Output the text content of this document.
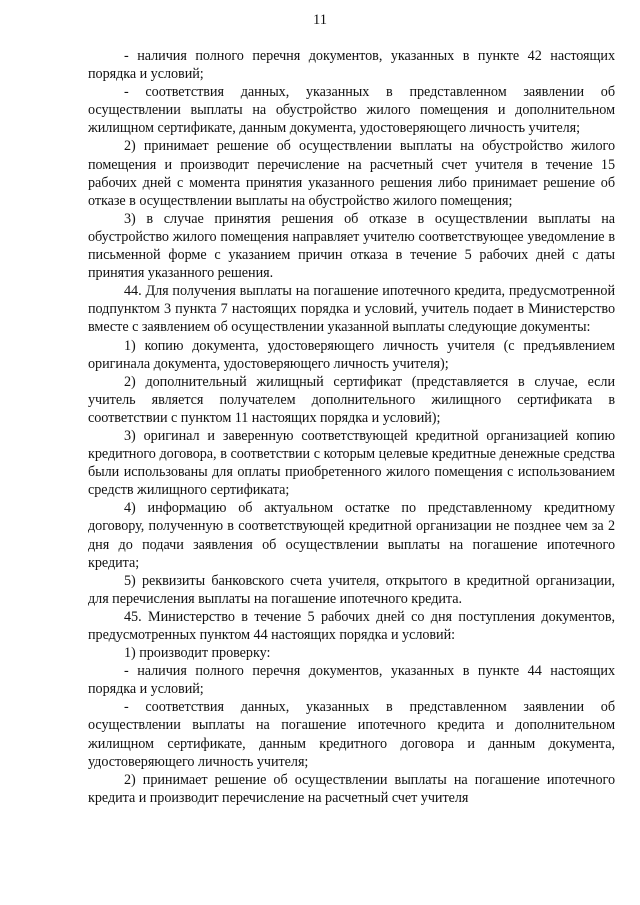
11

- наличия полного перечня документов, указанных в пункте 42 настоящих порядка и условий;

- соответствия данных, указанных в представленном заявлении об осуществлении выплаты на обустройство жилого помещения и дополнительном жилищном сертификате, данным документа, удостоверяющего личность учителя;

2) принимает решение об осуществлении выплаты на обустройство жилого помещения и производит перечисление на расчетный счет учителя в течение 15 рабочих дней с момента принятия указанного решения либо принимает решение об отказе в осуществлении выплаты на обустройство жилого помещения;

3) в случае принятия решения об отказе в осуществлении выплаты на обустройство жилого помещения направляет учителю соответствующее уведомление в письменной форме с указанием причин отказа в течение 5 рабочих дней с даты принятия указанного решения.

44. Для получения выплаты на погашение ипотечного кредита, предусмотренной подпунктом 3 пункта 7 настоящих порядка и условий, учитель подает в Министерство вместе с заявлением об осуществлении указанной выплаты следующие документы:

1) копию документа, удостоверяющего личность учителя (с предъявлением оригинала документа, удостоверяющего личность учителя);

2) дополнительный жилищный сертификат (представляется в случае, если учитель является получателем дополнительного жилищного сертификата в соответствии с пунктом 11 настоящих порядка и условий);

3) оригинал и заверенную соответствующей кредитной организацией копию кредитного договора, в соответствии с которым целевые кредитные денежные средства были использованы для оплаты приобретенного жилого помещения с использованием средств жилищного сертификата;

4) информацию об актуальном остатке по представленному кредитному договору, полученную в соответствующей кредитной организации не позднее чем за 2 дня до подачи заявления об осуществлении выплаты на погашение ипотечного кредита;

5) реквизиты банковского счета учителя, открытого в кредитной организации, для перечисления выплаты на погашение ипотечного кредита.

45. Министерство в течение 5 рабочих дней со дня поступления документов, предусмотренных пунктом 44 настоящих порядка и условий:

1) производит проверку:

- наличия полного перечня документов, указанных в пункте 44 настоящих порядка и условий;

- соответствия данных, указанных в представленном заявлении об осуществлении выплаты на погашение ипотечного кредита и дополнительном жилищном сертификате, данным кредитного договора и данным документа, удостоверяющего личность учителя;

2) принимает решение об осуществлении выплаты на погашение ипотечного кредита и производит перечисление на расчетный счет учителя
